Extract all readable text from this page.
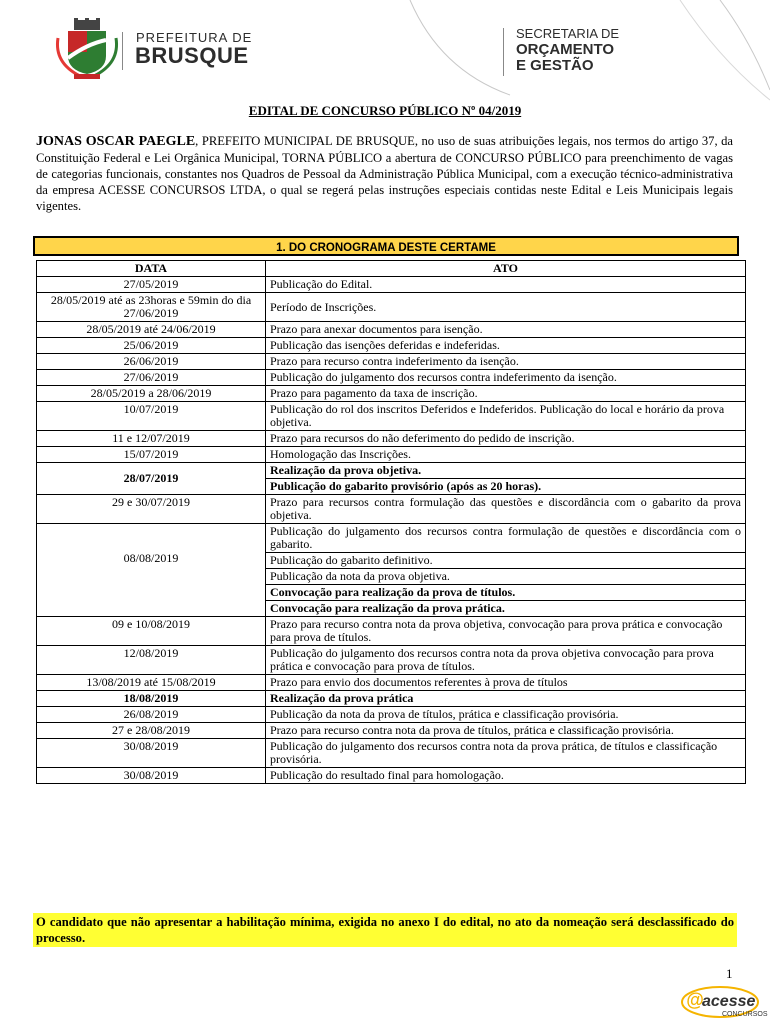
PREFEITURA DE
BRUSQUE
SECRETARIA DE
ORÇAMENTO
E GESTÃO
EDITAL DE CONCURSO PÚBLICO Nº 04/2019
JONAS OSCAR PAEGLE, PREFEITO MUNICIPAL DE BRUSQUE, no uso de suas atribuições legais, nos termos do artigo 37, da Constituição Federal e Lei Orgânica Municipal, TORNA PÚBLICO a abertura de CONCURSO PÚBLICO para preenchimento de vagas de categorias funcionais, constantes nos Quadros de Pessoal da Administração Pública Municipal, com a execução técnico-administrativa da empresa ACESSE CONCURSOS LTDA, o qual se regerá pelas instruções especiais contidas neste Edital e Leis Municipais legais vigentes.
1. DO CRONOGRAMA DESTE CERTAME
DATA	ATO
27/05/2019	Publicação do Edital.
28/05/2019 até as 23horas e 59min do dia 27/06/2019	Período de Inscrições.
28/05/2019 até 24/06/2019	Prazo para anexar documentos para isenção.
25/06/2019	Publicação das isenções deferidas e indeferidas.
26/06/2019	Prazo para recurso contra indeferimento da isenção.
27/06/2019	Publicação do julgamento dos recursos contra indeferimento da isenção.
28/05/2019 a 28/06/2019	Prazo para pagamento da taxa de inscrição.
10/07/2019	Publicação do rol dos inscritos Deferidos e Indeferidos. Publicação do local e horário da prova objetiva.
11 e 12/07/2019	Prazo para recursos do não deferimento do pedido de inscrição.
15/07/2019	Homologação das Inscrições.
28/07/2019	Realização da prova objetiva.
	Publicação do gabarito provisório (após as 20 horas).
29 e 30/07/2019	Prazo para recursos contra formulação das questões e discordância com o gabarito da prova objetiva.
08/08/2019	Publicação do julgamento dos recursos contra formulação de questões e discordância com o gabarito.
	Publicação do gabarito definitivo.
	Publicação da nota da prova objetiva.
	Convocação para realização da prova de títulos.
	Convocação para realização da prova prática.
09 e 10/08/2019	Prazo para recurso contra nota da prova objetiva, convocação para prova prática e convocação para prova de títulos.
12/08/2019	Publicação do julgamento dos recursos contra nota da prova objetiva convocação para prova prática e convocação para prova de títulos.
13/08/2019 até 15/08/2019	Prazo para envio dos documentos referentes à prova de títulos
18/08/2019	Realização da prova prática
26/08/2019	Publicação da nota da prova de títulos, prática e classificação provisória.
27 e 28/08/2019	Prazo para recurso contra nota da prova de títulos, prática e classificação provisória.
30/08/2019	Publicação do julgamento dos recursos contra nota da prova prática, de títulos e classificação provisória.
30/08/2019	Publicação do resultado final para homologação.
O candidato que não apresentar a habilitação mínima, exigida no anexo I do edital, no ato da nomeação será desclassificado do processo.
1
@
acesse
CONCURSOS
